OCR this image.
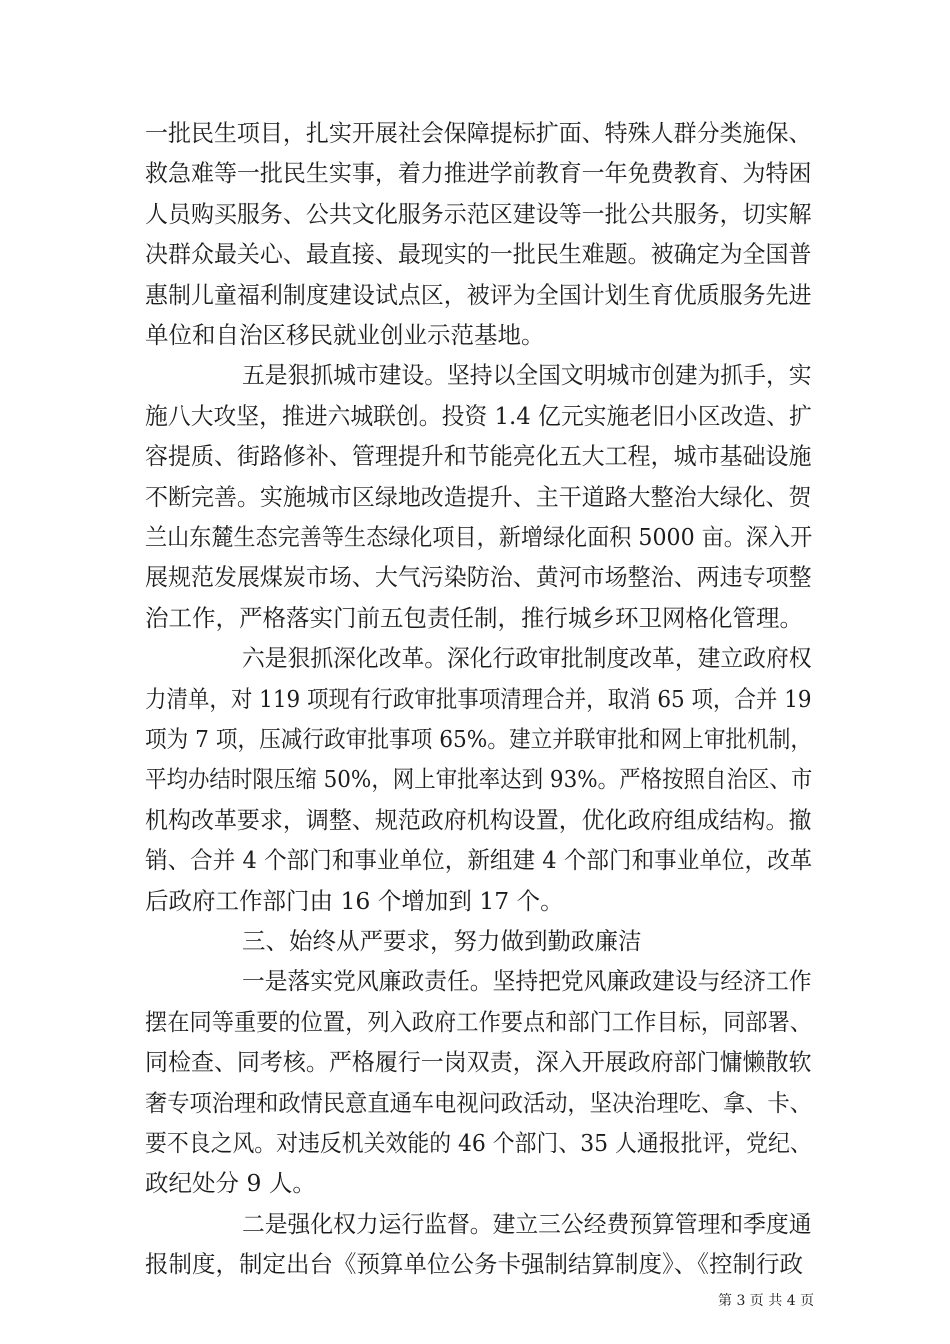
一批民生项目，扎实开展社会保障提标扩面、特殊人群分类施保、
救急难等一批民生实事，着力推进学前教育一年免费教育、为特困
人员购买服务、公共文化服务示范区建设等一批公共服务，切实解
决群众最关心、最直接、最现实的一批民生难题。被确定为全国普
惠制儿童福利制度建设试点区，被评为全国计划生育优质服务先进
单位和自治区移民就业创业示范基地。
五是狠抓城市建设。坚持以全国文明城市创建为抓手，实
施八大攻坚，推进六城联创。投资 1.4 亿元实施老旧小区改造、扩
容提质、街路修补、管理提升和节能亮化五大工程，城市基础设施
不断完善。实施城市区绿地改造提升、主干道路大整治大绿化、贺
兰山东麓生态完善等生态绿化项目，新增绿化面积 5000 亩。深入开
展规范发展煤炭市场、大气污染防治、黄河市场整治、两违专项整
治工作，严格落实门前五包责任制，推行城乡环卫网格化管理。
六是狠抓深化改革。深化行政审批制度改革，建立政府权
力清单，对 119 项现有行政审批事项清理合并，取消 65 项，合并 19
项为 7 项，压减行政审批事项 65%。建立并联审批和网上审批机制，
平均办结时限压缩 50%，网上审批率达到 93%。严格按照自治区、市
机构改革要求，调整、规范政府机构设置，优化政府组成结构。撤
销、合并 4 个部门和事业单位，新组建 4 个部门和事业单位，改革
后政府工作部门由 16 个增加到 17 个。
三、始终从严要求，努力做到勤政廉洁
一是落实党风廉政责任。坚持把党风廉政建设与经济工作
摆在同等重要的位置，列入政府工作要点和部门工作目标，同部署、
同检查、同考核。严格履行一岗双责，深入开展政府部门慵懒散软
奢专项治理和政情民意直通车电视问政活动，坚决治理吃、拿、卡、
要不良之风。对违反机关效能的 46 个部门、35 人通报批评，党纪、
政纪处分 9 人。
二是强化权力运行监督。建立三公经费预算管理和季度通
报制度，制定出台《预算单位公务卡强制结算制度》、《控制行政
第 3 页 共 4 页
